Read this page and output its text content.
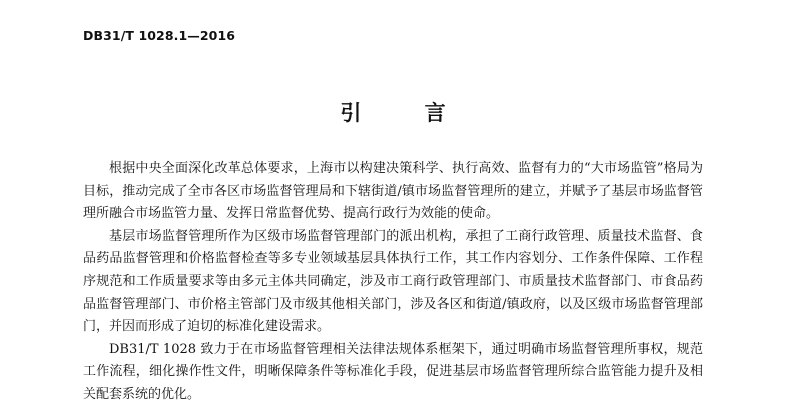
DB31/T 1028.1—2016
引 言

根据中央全面深化改革总体要求，上海市以构建决策科学、执行高效、监督有力的“大市场监管”格局为目标，推动完成了全市各区市场监督管理局和下辖街道/镇市场监督管理所的建立，并赋予了基层市场监督管理所融合市场监管力量、发挥日常监督优势、提高行政行为效能的使命。

基层市场监督管理所作为区级市场监督管理部门的派出机构，承担了工商行政管理、质量技术监督、食品药品监督管理和价格监督检查等多专业领域基层具体执行工作，其工作内容划分、工作条件保障、工作程序规范和工作质量要求等由多元主体共同确定，涉及市工商行政管理部门、市质量技术监督部门、市食品药品监督管理部门、市价格主管部门及市级其他相关部门，涉及各区和街道/镇政府，以及区级市场监督管理部门，并因而形成了迫切的标准化建设需求。

DB31/T 1028 致力于在市场监督管理相关法律法规体系框架下，通过明确市场监督管理所事权，规范工作流程，细化操作性文件，明晰保障条件等标准化手段，促进基层市场监督管理所综合监管能力提升及相关配套系统的优化。
